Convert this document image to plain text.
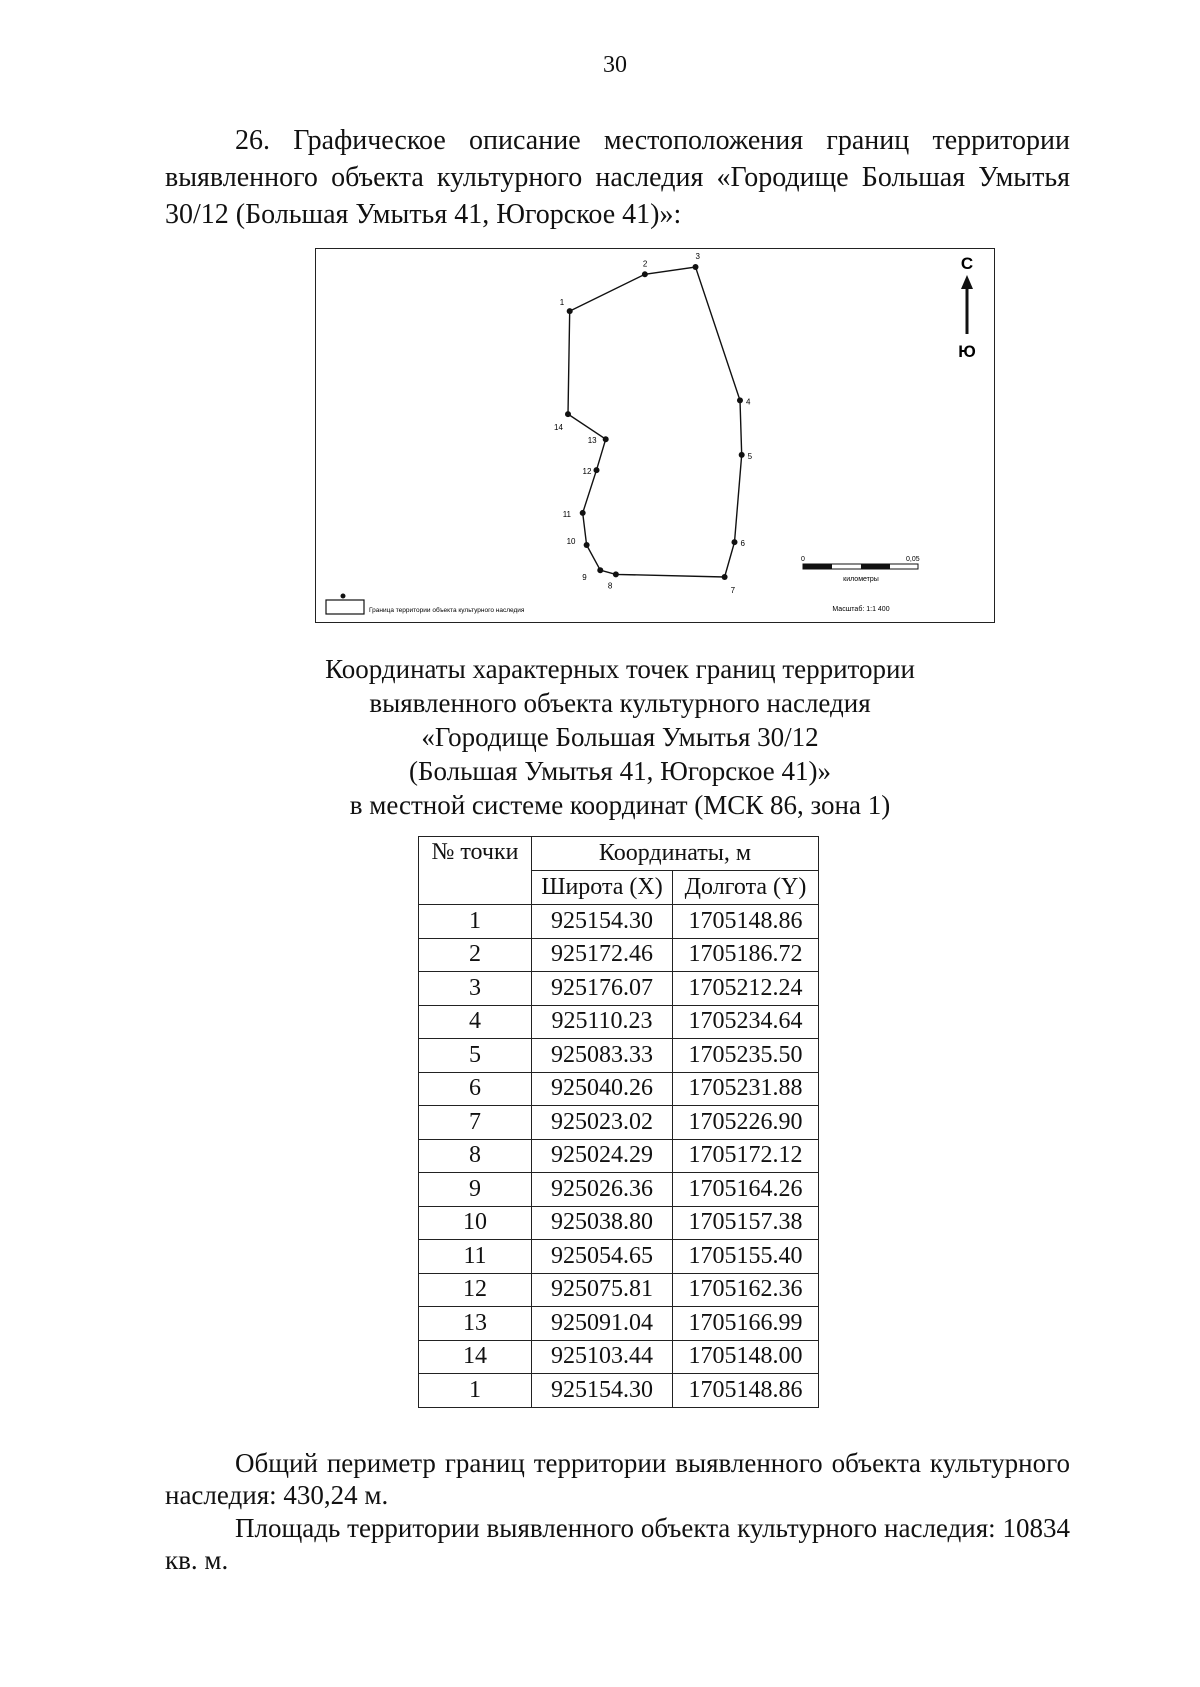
30
26. Графическое описание местоположения границ территории выявленного объекта культурного наследия «Городище Большая Умытья 30/12 (Большая Умытья 41, Югорское 41)»:
1
2
3
4
5
6
7
8
9
10
11
12
13
14
С
Ю
Граница территории объекта культурного наследия
0	0,05
километры
Масштаб: 1:1 400
Координаты характерных точек границ территории
выявленного объекта культурного наследия
«Городище Большая Умытья 30/12
(Большая Умытья 41, Югорское 41)»
в местной системе координат (МСК 86, зона 1)
№ точки	Координаты, м	
	Широта (X)	Долгота (Y)
1	925154.30	1705148.86
2	925172.46	1705186.72
3	925176.07	1705212.24
4	925110.23	1705234.64
5	925083.33	1705235.50
6	925040.26	1705231.88
7	925023.02	1705226.90
8	925024.29	1705172.12
9	925026.36	1705164.26
10	925038.80	1705157.38
11	925054.65	1705155.40
12	925075.81	1705162.36
13	925091.04	1705166.99
14	925103.44	1705148.00
1	925154.30	1705148.86

Общий периметр границ территории выявленного объекта культурного наследия: 430,24 м.

Площадь территории выявленного объекта культурного наследия: 10834 кв. м.
